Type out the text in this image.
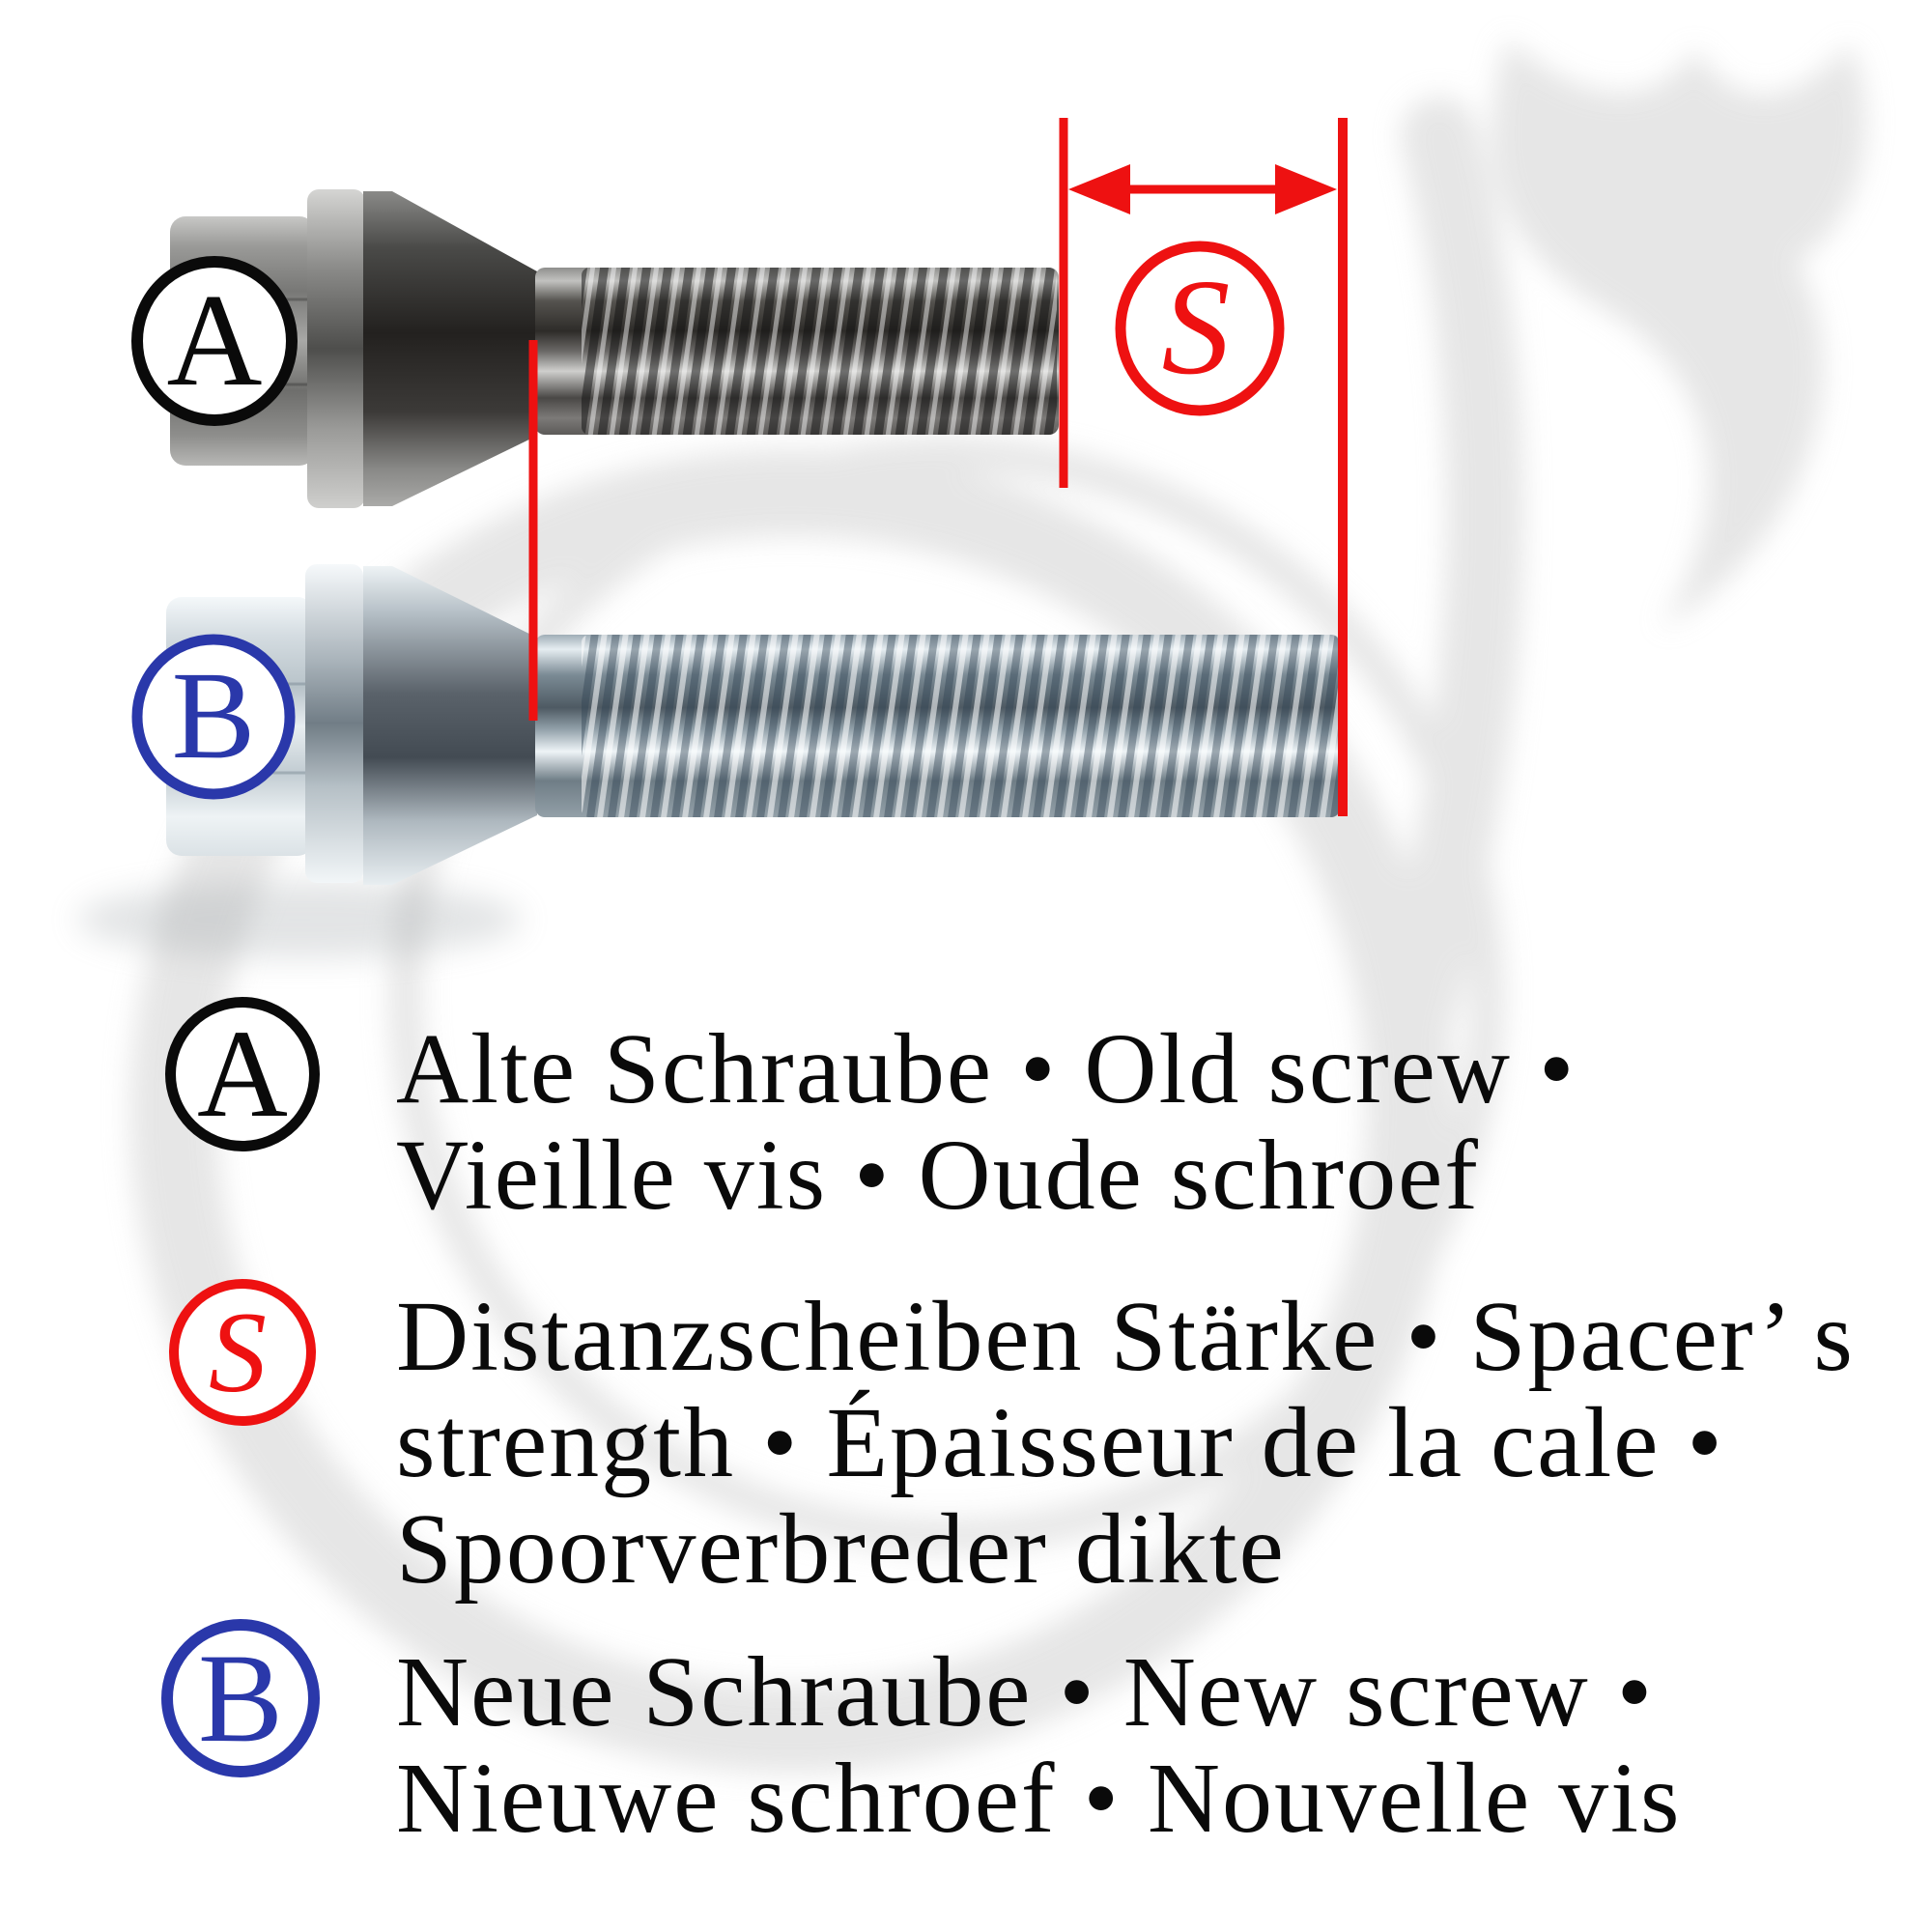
A
B
S
A Alte Schraube • Old screw •
Vieille vis • Oude schroef
S Distanzscheiben Stärke • Spacer’ s
strength • Épaisseur de la cale •
Spoorverbreder dikte
B Neue Schraube • New screw •
Nieuwe schroef • Nouvelle vis
